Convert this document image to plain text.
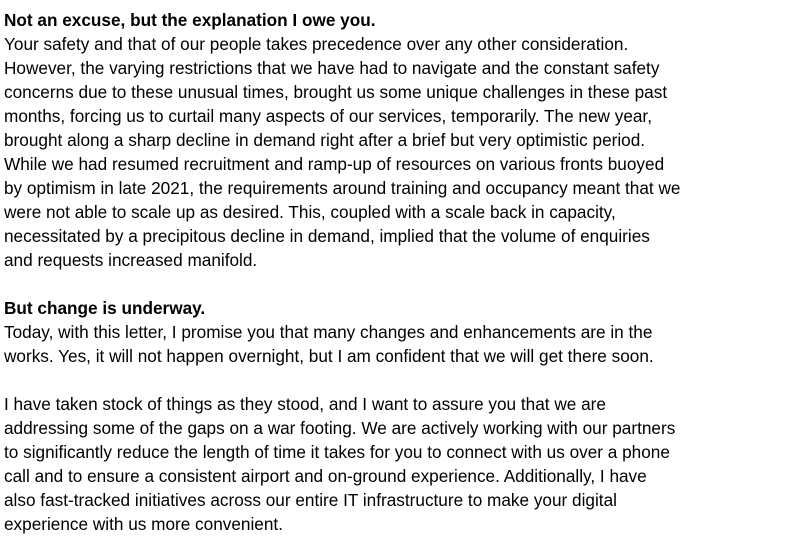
Not an excuse, but the explanation I owe you.

Your safety and that of our people takes precedence over any other consideration.
However, the varying restrictions that we have had to navigate and the constant safety
concerns due to these unusual times, brought us some unique challenges in these past
months, forcing us to curtail many aspects of our services, temporarily. The new year,
brought along a sharp decline in demand right after a brief but very optimistic period.
While we had resumed recruitment and ramp-up of resources on various fronts buoyed
by optimism in late 2021, the requirements around training and occupancy meant that we
were not able to scale up as desired. This, coupled with a scale back in capacity,
necessitated by a precipitous decline in demand, implied that the volume of enquiries
and requests increased manifold.

But change is underway.

Today, with this letter, I promise you that many changes and enhancements are in the
works. Yes, it will not happen overnight, but I am confident that we will get there soon.

I have taken stock of things as they stood, and I want to assure you that we are
addressing some of the gaps on a war footing. We are actively working with our partners
to significantly reduce the length of time it takes for you to connect with us over a phone
call and to ensure a consistent airport and on-ground experience. Additionally, I have
also fast-tracked initiatives across our entire IT infrastructure to make your digital
experience with us more convenient.
